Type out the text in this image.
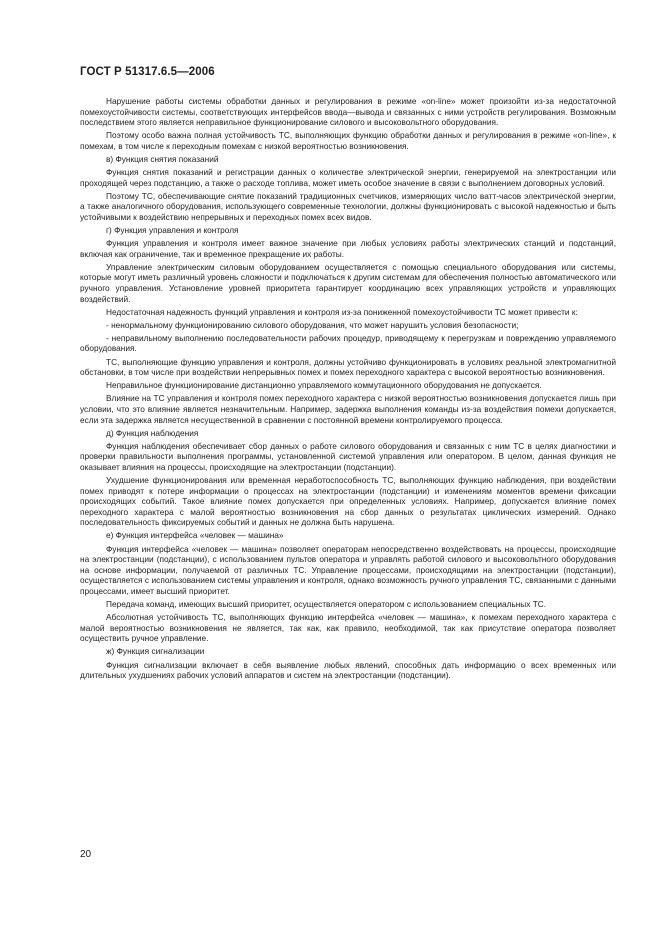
ГОСТ Р 51317.6.5—2006

Нарушение работы системы обработки данных и регулирования в режиме «on-line» может произойти из-за недостаточной помехоустойчивости системы, соответствующих интерфейсов ввода—вывода и связанных с ними устройств регулирования. Возможным последствием этого является неправильное функционирование силового и высоковольтного оборудования.

Поэтому особо важна полная устойчивость ТС, выполняющих функцию обработки данных и регулирования в режиме «on-line», к помехам, в том числе к переходным помехам с низкой вероятностью возникновения.

в) Функция снятия показаний

Функция снятия показаний и регистрации данных о количестве электрической энергии, генерируемой на электростанции или проходящей через подстанцию, а также о расходе топлива, может иметь особое значение в связи с выполнением договорных условий.

Поэтому ТС, обеспечивающие снятие показаний традиционных счетчиков, измеряющих число ватт-часов электрической энергии, а также аналогичного оборудования, использующего современные технологии, должны функционировать с высокой надежностью и быть устойчивыми к воздействию непрерывных и переходных помех всех видов.

г) Функция управления и контроля

Функция управления и контроля имеет важное значение при любых условиях работы электрических станций и подстанций, включая как ограничение, так и временное прекращение их работы.

Управление электрическим силовым оборудованием осуществляется с помощью специального оборудования или системы, которые могут иметь различный уровень сложности и подключаться к другим системам для обеспечения полностью автоматического или ручного управления. Установление уровней приоритета гарантирует координацию всех управляющих устройств и управляющих воздействий.

Недостаточная надежность функций управления и контроля из-за пониженной помехоустойчивости ТС может привести к:

- ненормальному функционированию силового оборудования, что может нарушить условия безопасности;

- неправильному выполнению последовательности рабочих процедур, приводящему к перегрузкам и повреждению управляемого оборудования.

ТС, выполняющие функцию управления и контроля, должны устойчиво функционировать в условиях реальной электромагнитной обстановки, в том числе при воздействии непрерывных помех и помех переходного характера с высокой вероятностью возникновения.

Неправильное функционирование дистанционно управляемого коммутационного оборудования не допускается.

Влияние на ТС управления и контроля помех переходного характера с низкой вероятностью возникновения допускается лишь при условии, что это влияние является незначительным. Например, задержка выполнения команды из-за воздействия помехи допускается, если эта задержка является несущественной в сравнении с постоянной времени контролируемого процесса.

д) Функция наблюдения

Функция наблюдения обеспечивает сбор данных о работе силового оборудования и связанных с ним ТС в целях диагностики и проверки правильности выполнения программы, установленной системой управления или оператором. В целом, данная функция не оказывает влияния на процессы, происходящие на электростанции (подстанции).

Ухудшение функционирования или временная неработоспособность ТС, выполняющих функцию наблюдения, при воздействии помех приводят к потере информации о процессах на электростанции (подстанции) и изменениям моментов времени фиксации происходящих событий. Такое влияние помех допускается при определенных условиях. Например, допускается влияние помех переходного характера с малой вероятностью возникновения на сбор данных о результатах циклических измерений. Однако последовательность фиксируемых событий и данных не должна быть нарушена.

е) Функция интерфейса «человек — машина»

Функция интерфейса «человек — машина» позволяет операторам непосредственно воздействовать на процессы, происходящие на электростанции (подстанции), с использованием пультов оператора и управлять работой силового и высоковольтного оборудования на основе информации, получаемой от различных ТС. Управление процессами, происходящими на электростанции (подстанции), осуществляется с использованием системы управления и контроля, однако возможность ручного управления ТС, связанными с данными процессами, имеет высший приоритет.

Передача команд, имеющих высший приоритет, осуществляется оператором с использованием специальных ТС.

Абсолютная устойчивость ТС, выполняющих функцию интерфейса «человек — машина», к помехам переходного характера с малой вероятностью возникновения не является, так как, как правило, необходимой, так как присутствие оператора позволяет осуществить ручное управление.

ж) Функция сигнализации

Функция сигнализации включает в себя выявление любых явлений, способных дать информацию о всех временных или длительных ухудшениях рабочих условий аппаратов и систем на электростанции (подстанции).

20
